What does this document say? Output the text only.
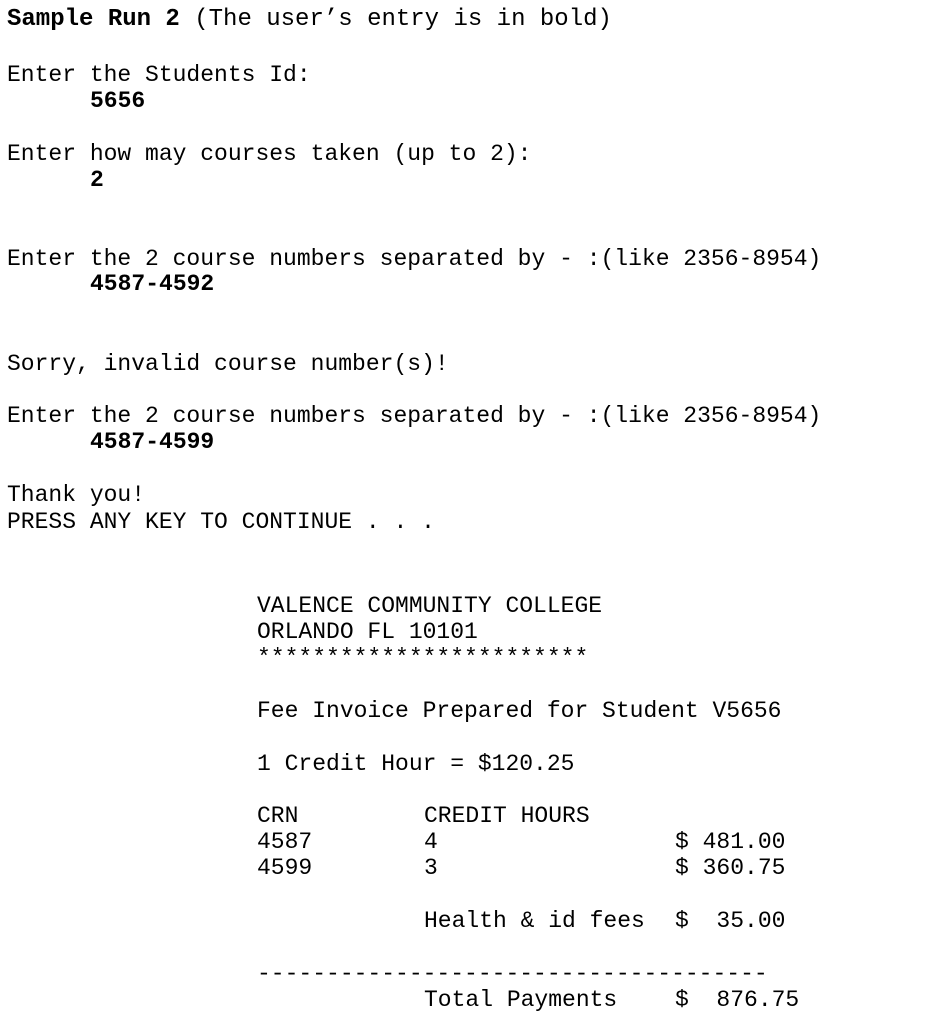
Sample Run 2 (The user’s entry is in bold)
Enter the Students Id:
5656
Enter how may courses taken (up to 2):
2
Enter the 2 course numbers separated by - :(like 2356-8954)
4587-4592
Sorry, invalid course number(s)!
Enter the 2 course numbers separated by - :(like 2356-8954)
4587-4599
Thank you!
PRESS ANY KEY TO CONTINUE . . .
VALENCE COMMUNITY COLLEGE
ORLANDO FL 10101
************************
Fee Invoice Prepared for Student V5656
1 Credit Hour = $120.25
CRN	CREDIT HOURS
4587	4	$ 481.00
4599	3	$ 360.75
Health & id fees $  35.00
-------------------------------------
Total Payments	$  876.75
